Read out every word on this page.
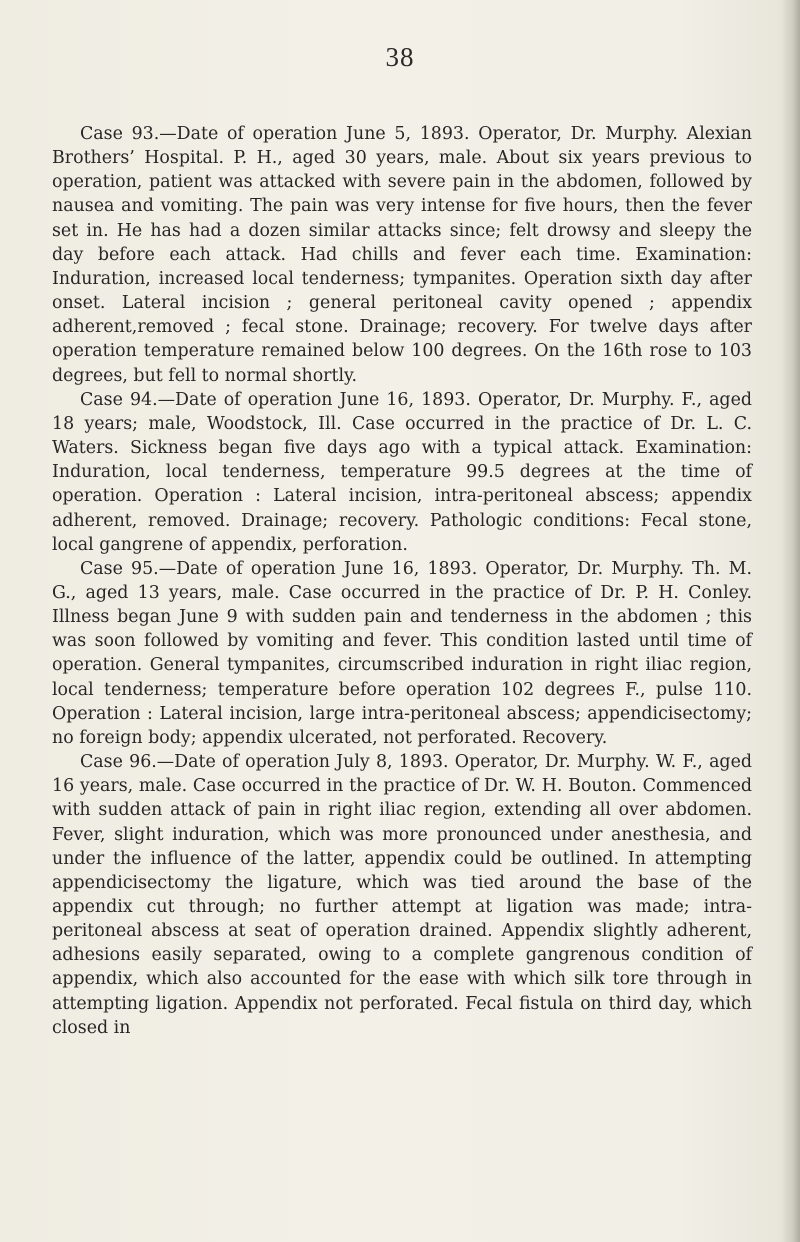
38

Case 93.—Date of operation June 5, 1893. Operator, Dr. Murphy. Alexian Brothers’ Hospital. P. H., aged 30 years, male. About six years previous to operation, patient was attacked with severe pain in the abdomen, followed by nausea and vomiting. The pain was very intense for five hours, then the fever set in. He has had a dozen similar attacks since; felt drowsy and sleepy the day before each attack. Had chills and fever each time. Examination: Induration, increased local tenderness; tympanites. Operation sixth day after onset. Lateral incision ; general peritoneal cavity opened ; appendix adherent,removed ; fecal stone. Drainage; recovery. For twelve days after operation temperature remained below 100 degrees. On the 16th rose to 103 degrees, but fell to normal shortly.

Case 94.—Date of operation June 16, 1893. Operator, Dr. Murphy. F., aged 18 years; male, Woodstock, Ill. Case occurred in the practice of Dr. L. C. Waters. Sickness began five days ago with a typical attack. Examination: Induration, local tenderness, temperature 99.5 degrees at the time of operation. Operation : Lateral incision, intra-peritoneal abscess; appendix adherent, removed. Drainage; recovery. Pathologic conditions: Fecal stone, local gangrene of appendix, perforation.

Case 95.—Date of operation June 16, 1893. Operator, Dr. Murphy. Th. M. G., aged 13 years, male. Case occurred in the practice of Dr. P. H. Conley. Illness began June 9 with sudden pain and tenderness in the abdomen ; this was soon followed by vomiting and fever. This condition lasted until time of operation. General tympanites, circumscribed induration in right iliac region, local tenderness; temperature before operation 102 degrees F., pulse 110. Operation : Lateral incision, large intra-peritoneal abscess; appendicisectomy; no foreign body; appendix ulcerated, not perforated. Recovery.

Case 96.—Date of operation July 8, 1893. Operator, Dr. Murphy. W. F., aged 16 years, male. Case occurred in the practice of Dr. W. H. Bouton. Commenced with sudden attack of pain in right iliac region, extending all over abdomen. Fever, slight induration, which was more pronounced under anesthesia, and under the influence of the latter, appendix could be outlined. In attempting appendicisectomy the ligature, which was tied around the base of the appendix cut through; no further attempt at ligation was made; intra-peritoneal abscess at seat of operation drained. Appendix slightly adherent, adhesions easily separated, owing to a complete gangrenous condition of appendix, which also accounted for the ease with which silk tore through in attempting ligation. Appendix not perforated. Fecal fistula on third day, which closed in
